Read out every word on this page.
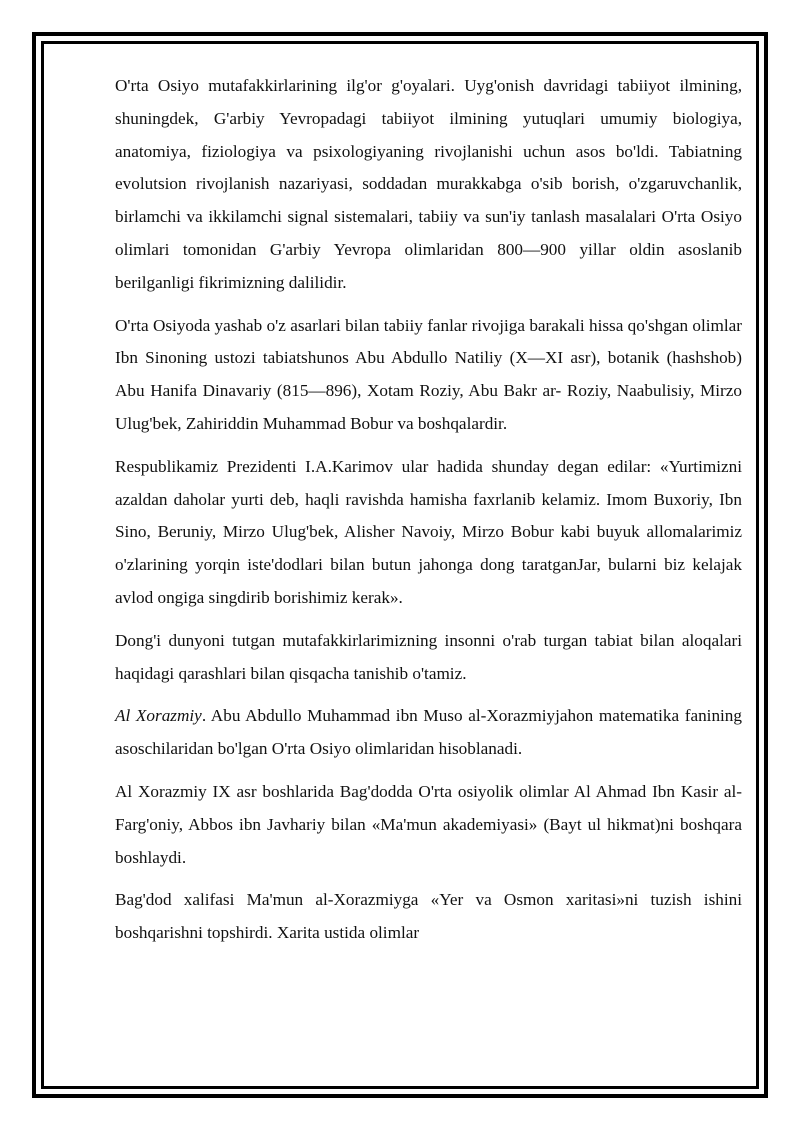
O'rta Osiyo mutafakkirlarining ilg'or g'oyalari. Uyg'onish davridagi tabiiyot ilmining, shuningdek, G'arbiy Yevropadagi tabiiyot ilmining yutuqlari umumiy biologiya, anatomiya, fiziologiya va psixologiyaning rivojlanishi uchun asos bo'ldi. Tabiatning evolutsion rivojlanish nazariyasi, soddadan murakkabga o'sib borish, o'zgaruvchanlik, birlamchi va ikkilamchi signal sistemalari, tabiiy va sun'iy tanlash masalalari O'rta Osiyo olimlari tomonidan G'arbiy Yevropa olimlaridan 800—900 yillar oldin asoslanib berilganligi fikrimizning dalilidir.

O'rta Osiyoda yashab o'z asarlari bilan tabiiy fanlar rivojiga barakali hissa qo'shgan olimlar Ibn Sinoning ustozi tabiatshunos Abu Abdullo Natiliy (X—XI asr), botanik (hashshob) Abu Hanifa Dinavariy (815—896), Xotam Roziy, Abu Bakr ar- Roziy, Naabulisiy, Mirzo Ulug'bek, Zahiriddin Muhammad Bobur va boshqalardir.

Respublikamiz Prezidenti I.A.Karimov ular hadida shunday degan edilar: «Yurtimizni azaldan daholar yurti deb, haqli ravishda hamisha faxrlanib kelamiz. Imom Buxoriy, Ibn Sino, Beruniy, Mirzo Ulug'bek, Alisher Navoiy, Mirzo Bobur kabi buyuk allomalarimiz o'zlarining yorqin iste'dodlari bilan butun jahonga dong taratganJar, bularni biz kelajak avlod ongiga singdirib borishimiz kerak».

Dong'i dunyoni tutgan mutafakkirlarimizning insonni o'rab turgan tabiat bilan aloqalari haqidagi qarashlari bilan qisqacha tanishib o'tamiz.

Al Xorazmiy. Abu Abdullo Muhammad ibn Muso al-Xorazmiyjahon matematika fanining asoschilaridan bo'lgan O'rta Osiyo olimlaridan hisoblanadi.

Al Xorazmiy IX asr boshlarida Bag'dodda O'rta osiyolik olimlar Al Ahmad Ibn Kasir al-Farg'oniy, Abbos ibn Javhariy bilan «Ma'mun akademiyasi» (Bayt ul hikmat)ni boshqara boshlaydi.

Bag'dod xalifasi Ma'mun al-Xorazmiyga «Yer va Osmon xaritasi»ni tuzish ishini boshqarishni topshirdi. Xarita ustida olimlar
